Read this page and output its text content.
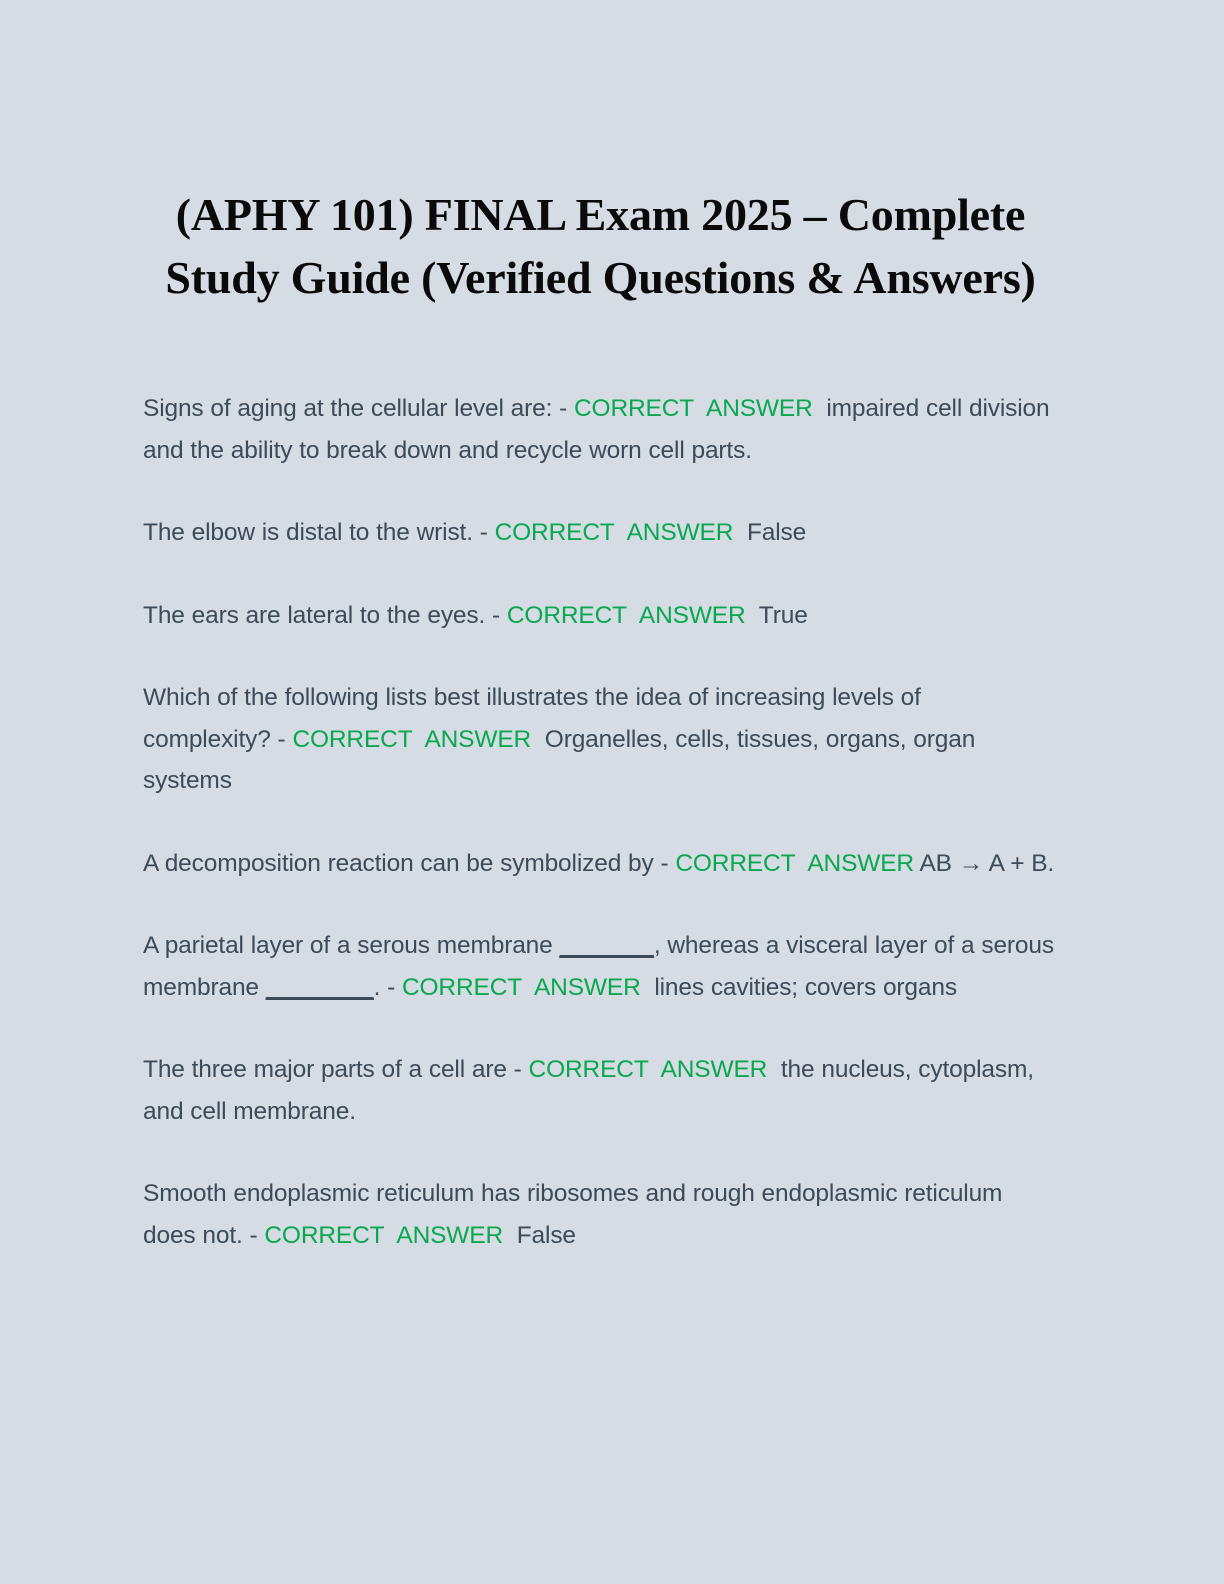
(APHY 101) FINAL Exam 2025 – Complete Study Guide (Verified Questions & Answers)

Signs of aging at the cellular level are: - CORRECT  ANSWER  impaired cell division and the ability to break down and recycle worn cell parts.

The elbow is distal to the wrist. - CORRECT  ANSWER  False

The ears are lateral to the eyes. - CORRECT  ANSWER  True

Which of the following lists best illustrates the idea of increasing levels of complexity? - CORRECT  ANSWER  Organelles, cells, tissues, organs, organ systems

A decomposition reaction can be symbolized by - CORRECT  ANSWER AB → A + B.

A parietal layer of a serous membrane _______, whereas a visceral layer of a serous membrane ________. - CORRECT  ANSWER  lines cavities; covers organs

The three major parts of a cell are - CORRECT  ANSWER  the nucleus, cytoplasm, and cell membrane.

Smooth endoplasmic reticulum has ribosomes and rough endoplasmic reticulum does not. - CORRECT  ANSWER  False
